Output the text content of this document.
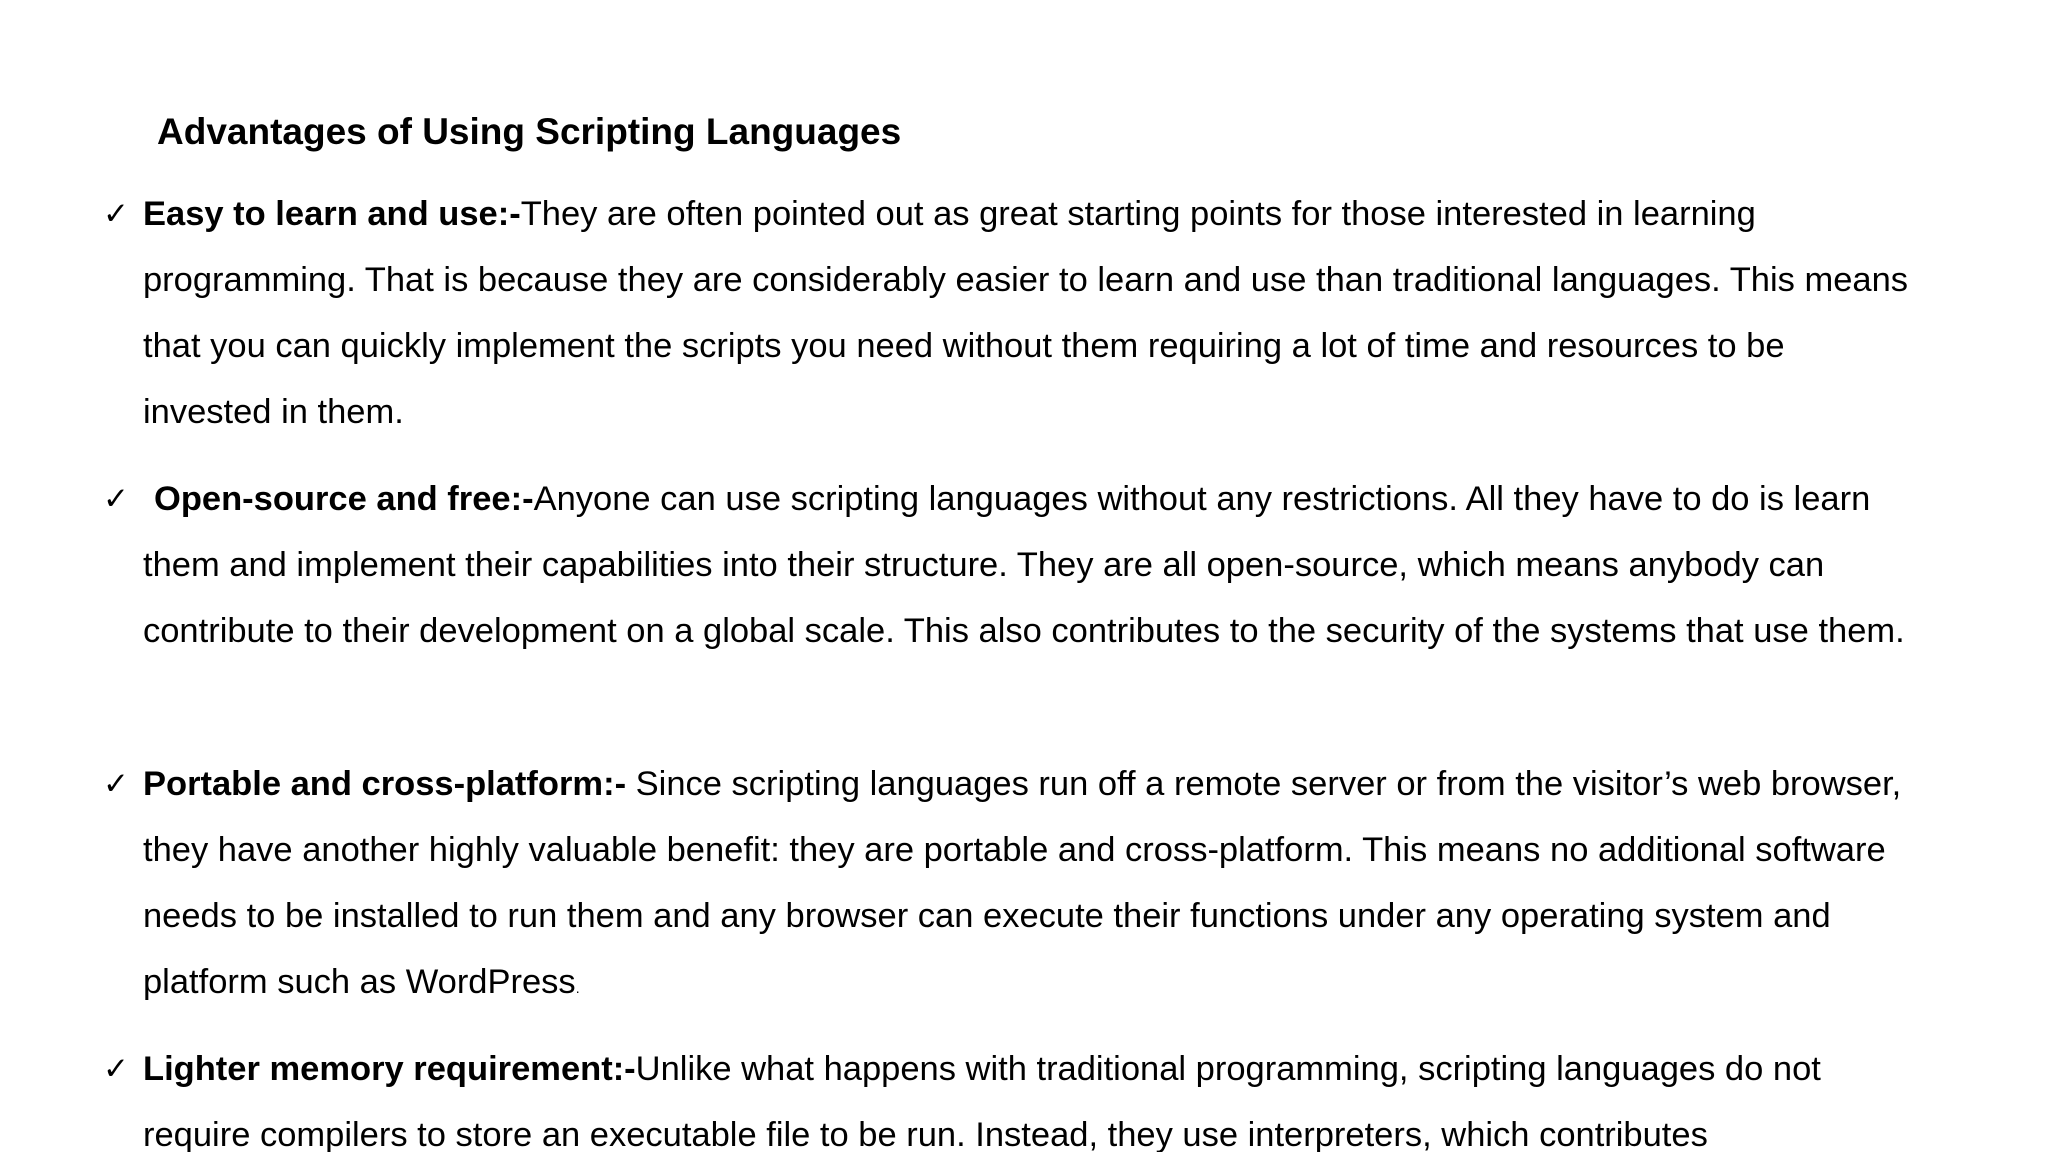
Advantages of Using Scripting Languages
✓ Easy to learn and use:-They are often pointed out as great starting points for those interested in learning programming. That is because they are considerably easier to learn and use than traditional languages. This means that you can quickly implement the scripts you need without them requiring a lot of time and resources to be invested in them.

✓ Open-source and free:-Anyone can use scripting languages without any restrictions. All they have to do is learn them and implement their capabilities into their structure. They are all open-source, which means anybody can contribute to their development on a global scale. This also contributes to the security of the systems that use them.

✓ Portable and cross-platform:- Since scripting languages run off a remote server or from the visitor’s web browser, they have another highly valuable benefit: they are portable and cross-platform. This means no additional software needs to be installed to run them and any browser can execute their functions under any operating system and platform such as WordPress.

✓ Lighter memory requirement:-Unlike what happens with traditional programming, scripting languages do not require compilers to store an executable file to be run. Instead, they use interpreters, which contributes
